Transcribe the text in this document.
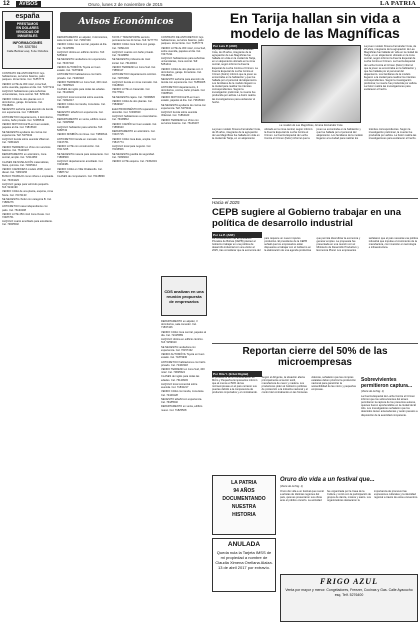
12	AVISOS	Oruro, lunes 2 de noviembre de 2015	LA PATRIA
españa
PRESTAMOS
EN DOLARES
VENCIDAS DE
INMUEBLES
INFORMACIONES
Telf. 5287554
Calle Bolivar esq. 6 de Octubre
Avisos Económicos

CONTRATO DE ANTICRÉTICO: lujo habitaciones, servicios básicos, patio parqueo. Zona Norte. Cel. 71857773

VENDO LOTE de 300 mts2, zona Sud, sobre avenida, papeles al día. Cel. 72477211

ALQUILO habitaciones para señoritas universitarias, zona central. Telf. 5251411

VENDO CASA de dos plantas con 4 dormitorios, garaje. Zona Este. Cel. 76148201

NECESITO señorita para atención de tienda con experiencia. Cel. 71883405

ANTICRETICO departamento, 2 dormitorios, cocina, baño privado. Cel. 72485519

VENDO MOTOCICLETA en buen estado, papeles al día. Cel. 73815620

SE NECESITA ayudante de cocina con experiencia. Telf. 5275342

ALQUILO tienda sobre avenida Villarroel. Cel. 71864423

VENDO TERRENO en Vinto con servicios básicos. Cel. 76146207

DEPARTAMENTO en anticrético, zona central, amplio. Cel. 72314950

CLASES DE NIVELACIÓN matemáticas, física, química. Cel. 71845312

VENDO CAMIONETA modelo 2008, motor diesel. Cel. 73833156

BUSCO TRABAJO como niñera o empleada. Cel. 76154423

ALQUILO garaje para vehículo pequeño. Telf. 5242190

VENDO CASA de una planta, esquina, zona Norte. Cel. 72471133

SE NECESITA chofer con categoría B. Cel. 71884276

ANTICRETICO casa independiente con patio. Cel. 76133208

VENDO LOTE 250 mts2 zona Oeste. Cel. 72487761

ALQUILO cuarto amoblado para estudiante. Cel. 73845502

DEPARTAMENTO en alquiler, 3 dormitorios, sala comedor. Cel. 71837446

VENDO CASA zona central, papeles al día. Cel. 72415589

ALQUILO oficina en edificio céntrico. Telf. 5259910

SE NECESITA vendedora con experiencia. Cel. 76157432

VENDO AUTOMÓVIL Toyota en buen estado. Cel. 71879930

ANTICRETICO habitaciones con baño privado. Cel. 72463318

VENDO TERRENO en zona Sud, 400 mts2. Cel. 73825524

CLASES de inglés para todas las edades. Cel. 76129903

ALQUILO local comercial sobre avenida. Cel. 71832217

VENDO CASA con tienda, zona Este. Cel. 72449128

NECESITO albañil con experiencia. Cel. 76185540

DEPARTAMENTO en venta, edificio nuevo. Cel. 71825568

ALQUILO habitación para señorita. Telf. 5268743

VENDO MINIBÚS con línea. Cel. 73896614

ANTICRETICO tienda en mercado. Cel. 72437761

VENDO LOTE con construcción. Cel. 76117205

SE NECESITA mesera para restaurante. Cel. 71866509

ALQUILO departamento amoblado. Cel. 72493381

VENDO CASA en Villa Challacollo. Cel. 73887712

CLASES de computación. Cel. 76148839

TAXIS Y TRANSPORTE servicio permanente las 24 horas. Telf. 5277770

VENDO CASA zona Norte con garaje. Cel. 71891234

ALQUILO cuartos con baño privado. Cel. 72418860

SE NECESITA profesora de nivel inicial. Cel. 76120034

VENDO TERRENO en zona Sud. Cel. 73850117

ANTICRETICO departamento céntrico. Cel. 71873362

ALQUILO tienda en zona mercado. Cel. 72428819

VENDO LOTE en Caracollo. Cel. 76177504

SE NECESITA cajera. Cel. 71848826

VENDO CASA de dos plantas. Cel. 73849927

ELECTRODOMÉSTICOS reparación a domicilio. Cel. 72496630

ALQUILO habitaciones a universitarios. Cel. 76168812

VENDO CAMIÓN en buen estado. Cel. 71856643

DEPARTAMENTO en anticrético. Cel. 72407715

VENDO CASA zona Este, amplia. Cel. 73817774

ALQUILO local para negocio. Cel. 76195506

SE NECESITA guardia de seguridad. Cel. 71836610

VENDO LOTE esquina. Cel. 72452219

CONTRATO DE ANTICRÉTICO: lujo habitaciones, servicios básicos, patio parqueo. Zona Norte. Cel. 71857773

VENDO LOTE de 300 mts2, zona Sud, sobre avenida, papeles al día. Cel. 72477211

ALQUILO habitaciones para señoritas universitarias, zona central. Telf. 5251411

VENDO CASA de dos plantas con 4 dormitorios, garaje. Zona Este. Cel. 76148201

NECESITO señorita para atención de tienda con experiencia. Cel. 71883405

ANTICRETICO departamento, 2 dormitorios, cocina, baño privado. Cel. 72485519

VENDO MOTOCICLETA en buen estado, papeles al día. Cel. 73815620

SE NECESITA ayudante de cocina con experiencia. Telf. 5275342

ALQUILO tienda sobre avenida Villarroel. Cel. 71864423

VENDO TERRENO en Vinto con servicios básicos. Cel. 76146207

CDS analizan en una reunión propuesta de empresarios

DEPARTAMENTO en alquiler, 3 dormitorios, sala comedor. Cel. 71837446

VENDO CASA zona central, papeles al día. Cel. 72415589

ALQUILO oficina en edificio céntrico. Telf. 5259910

SE NECESITA vendedora con experiencia. Cel. 76157432

VENDO AUTOMÓVIL Toyota en buen estado. Cel. 71879930

ANTICRETICO habitaciones con baño privado. Cel. 72463318

VENDO TERRENO en zona Sud, 400 mts2. Cel. 73825524

CLASES de inglés para todas las edades. Cel. 76129903

ALQUILO local comercial sobre avenida. Cel. 71832217

VENDO CASA con tienda, zona Este. Cel. 72449128

NECESITO albañil con experiencia. Cel. 76185540

DEPARTAMENTO en venta, edificio nuevo. Cel. 71825568

En Tarija hallan sin vida a modelo de las Magníficas
Por Luis P. (ANF)

La joven modelo Ximena Fernández Cota, de 26 años, integrante de la agrupación de Las Magníficas fue hallada sin vida en la ciudad de Tarija, en un alojamiento ubicado en la zona central, según informó la Fuerza Especial de Lucha Contra el Crimen. La Fuerza Especial de Lucha Contra el Crimen (Felcc) informó que la joven se encontraba en la habitación y que fue hallada por el personal del alojamiento. Los familiares de la modelo llegaron a la ciudad para realizar los trámites correspondientes. Según la investigación preliminar, la muerte fue producida por asfixia. La Felcc realiza las investigaciones para esclarecer el hecho.

La modelo de Las Magníficas, Jimena Fernández Cota

La joven modelo Ximena Fernández Cota, de 26 años, integrante de la agrupación de Las Magníficas fue hallada sin vida en la ciudad de Tarija, en un alojamiento ubicado en la zona central, según informó la Fuerza Especial de Lucha Contra el Crimen. La Fuerza Especial de Lucha Contra el Crimen (Felcc) informó que la joven se encontraba en la habitación y que fue hallada por el personal del alojamiento. Los familiares de la modelo llegaron a la ciudad para realizar los trámites correspondientes. Según la investigación preliminar, la muerte fue producida por asfixia. La Felcc realiza las investigaciones para esclarecer el hecho.

La joven modelo Ximena Fernández Cota, de 26 años, integrante de la agrupación de Las Magníficas fue hallada sin vida en la ciudad de Tarija, en un alojamiento ubicado en la zona central, según informó la Fuerza Especial de Lucha Contra el Crimen. La Fuerza Especial de Lucha Contra el Crimen (Felcc) informó que la joven se encontraba en la habitación y que fue hallada por el personal del alojamiento. Los familiares de la modelo llegaron a la ciudad para realizar los trámites correspondientes. Según la investigación preliminar, la muerte fue producida por asfixia. La Felcc realiza las investigaciones para esclarecer el hecho.

Hacia el 2025
CEPB sugiere al Gobierno trabajar en una política de desarrollo industrial
Por La P. (ANF)

La Confederación de Empresarios Privados de Bolivia (CEPB) planteó al Gobierno trabajar en una política de desarrollo industrial con una visión al 2025, tras considerar que la economía del país requiere un nuevo impulso productivo. El presidente de la CEPB señaló que los empresarios están dispuestos a trabajar con el Gobierno en la elaboración de una agenda productiva que permita diversificar la economía y generar empleo. La propuesta fue presentada en una reunión con el Ministerio de Desarrollo Productivo y Economía Plural. Los empresarios señalaron que el país necesita una política industrial que impulse el crecimiento de la manufactura, con inversión en tecnología e infraestructura.

Reportan cierre del 50% de las microempresas
Por Rita Y. (Erbol Digital)

El presidente de la Confederación de Micro y Pequeños Empresarios informó que al menos el 50% de las microempresas en el país cerraron sus puertas debido a la competencia de productos importados y el contrabando. Según el dirigente, la situación afecta principalmente al sector textil, manufactura de cuero y madera. Los productores piden al Gobierno políticas de protección a la industria nacional y el control del contrabando en las fronteras. Además, señalaron que las compras estatales deben priorizar la producción nacional para garantizar la sostenibilidad de las micro y pequeñas empresas.

Sobrevivientes permitieron captura...
(Viene de la Pág. 1)

La Fuerza Especial de Lucha Contra el Crimen informó que los sobrevivientes del atraco permitieron la captura de los presuntos autores, quienes fueron aprehendidos en la ciudad de El Alto. Los investigadores señalaron que los detenidos tienen antecedentes y serán puestos a disposición de la autoridad competente.

LA PATRIA
94 AÑOS
DOCUMENTANDO
NUESTRA
HISTORIA
ANULADA
Queda nula la Tarjeta IMSS de mi propiedad a nombre de Claudia Ximena Orellana Alaiza. 13 de abril 2017 por extravío.
Oruro dio vida a un festival que...
(Viene de la Pág. 1)

Oruro dio vida a un festival que reunió a artistas de distintas regiones del país, quienes presentaron sus obras ante el público orureño. La actividad fue organizada por la Casa de la Cultura y contó con la participación de grupos de danza, música y teatro. Los organizadores destacaron la importancia de promover las expresiones culturales y la identidad regional a través de estos encuentros.

FRIGO AZUL
Venta por mayor y menor. Congeladores, Freezer, Cocinas y Gas. Calle Ayacucho esq. Telf. 5276400
